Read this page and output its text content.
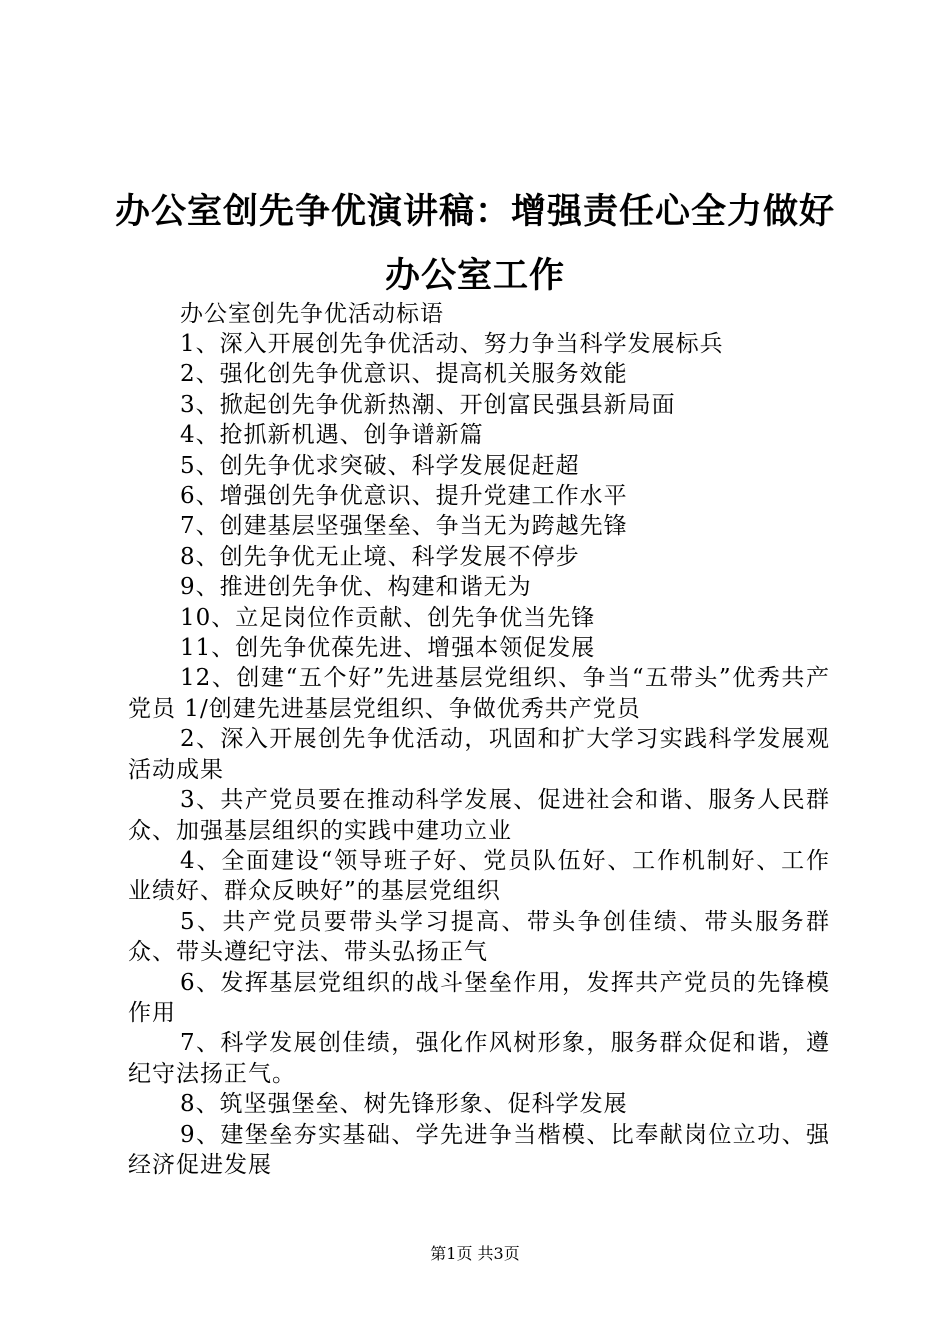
办公室创先争优演讲稿：增强责任心全力做好办公室工作
办公室创先争优活动标语

1、深入开展创先争优活动、努力争当科学发展标兵

2、强化创先争优意识、提高机关服务效能

3、掀起创先争优新热潮、开创富民强县新局面

4、抢抓新机遇、创争谱新篇

5、创先争优求突破、科学发展促赶超

6、增强创先争优意识、提升党建工作水平

7、创建基层坚强堡垒、争当无为跨越先锋

8、创先争优无止境、科学发展不停步

9、推进创先争优、构建和谐无为

10、立足岗位作贡献、创先争优当先锋

11、创先争优葆先进、增强本领促发展

12、创建“五个好”先进基层党组织、争当“五带头”优秀共产党员 1/创建先进基层党组织、争做优秀共产党员

2、深入开展创先争优活动，巩固和扩大学习实践科学发展观活动成果

3、共产党员要在推动科学发展、促进社会和谐、服务人民群众、加强基层组织的实践中建功立业

4、全面建设“领导班子好、党员队伍好、工作机制好、工作业绩好、群众反映好”的基层党组织

5、共产党员要带头学习提高、带头争创佳绩、带头服务群众、带头遵纪守法、带头弘扬正气

6、发挥基层党组织的战斗堡垒作用，发挥共产党员的先锋模作用

7、科学发展创佳绩，强化作风树形象，服务群众促和谐，遵纪守法扬正气。

8、筑坚强堡垒、树先锋形象、促科学发展

9、建堡垒夯实基础、学先进争当楷模、比奉献岗位立功、强经济促进发展

第1页 共3页
